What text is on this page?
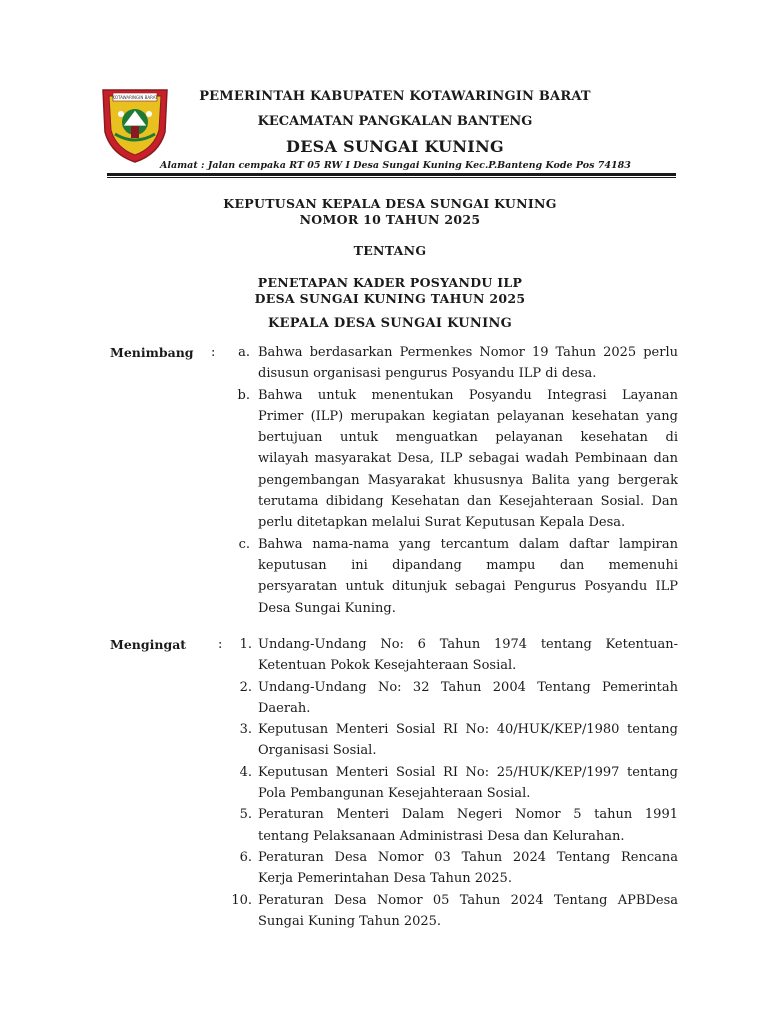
KOTAWARINGIN BARAT	PEMERINTAH KABUPATEN KOTAWARINGIN BARAT
KECAMATAN PANGKALAN BANTENG
DESA SUNGAI KUNING
Alamat : Jalan cempaka RT 05 RW I Desa Sungai Kuning Kec.P.Banteng Kode Pos 74183
KEPUTUSAN KEPALA DESA SUNGAI KUNING
NOMOR 10 TAHUN 2025
TENTANG
PENETAPAN KADER POSYANDU ILP
DESA SUNGAI KUNING TAHUN 2025
KEPALA DESA SUNGAI KUNING
Menimbang :	a. Bahwa berdasarkan Permenkes Nomor 19 Tahun 2025 perlu
disusun organisasi pengurus Posyandu ILP di desa.
b. Bahwa untuk menentukan Posyandu Integrasi Layanan
Primer (ILP) merupakan kegiatan pelayanan kesehatan yang
bertujuan untuk menguatkan pelayanan kesehatan di
wilayah masyarakat Desa, ILP sebagai wadah Pembinaan dan
pengembangan Masyarakat khususnya Balita yang bergerak
terutama dibidang Kesehatan dan Kesejahteraan Sosial. Dan
perlu ditetapkan melalui Surat Keputusan Kepala Desa.
c. Bahwa nama-nama yang tercantum dalam daftar lampiran
keputusan ini dipandang mampu dan memenuhi
persyaratan untuk ditunjuk sebagai Pengurus Posyandu ILP
Desa Sungai Kuning.
Mengingat :	1. Undang-Undang No: 6 Tahun 1974 tentang Ketentuan-
Ketentuan Pokok Kesejahteraan Sosial.
2. Undang-Undang No: 32 Tahun 2004 Tentang Pemerintah
Daerah.
3. Keputusan Menteri Sosial RI No: 40/HUK/KEP/1980 tentang
Organisasi Sosial.
4. Keputusan Menteri Sosial RI No: 25/HUK/KEP/1997 tentang
Pola Pembangunan Kesejahteraan Sosial.
5. Peraturan Menteri Dalam Negeri Nomor 5 tahun 1991
tentang Pelaksanaan Administrasi Desa dan Kelurahan.
6. Peraturan Desa Nomor 03 Tahun 2024 Tentang Rencana
Kerja Pemerintahan Desa Tahun 2025.
10. Peraturan Desa Nomor 05 Tahun 2024 Tentang APBDesa
Sungai Kuning Tahun 2025.
